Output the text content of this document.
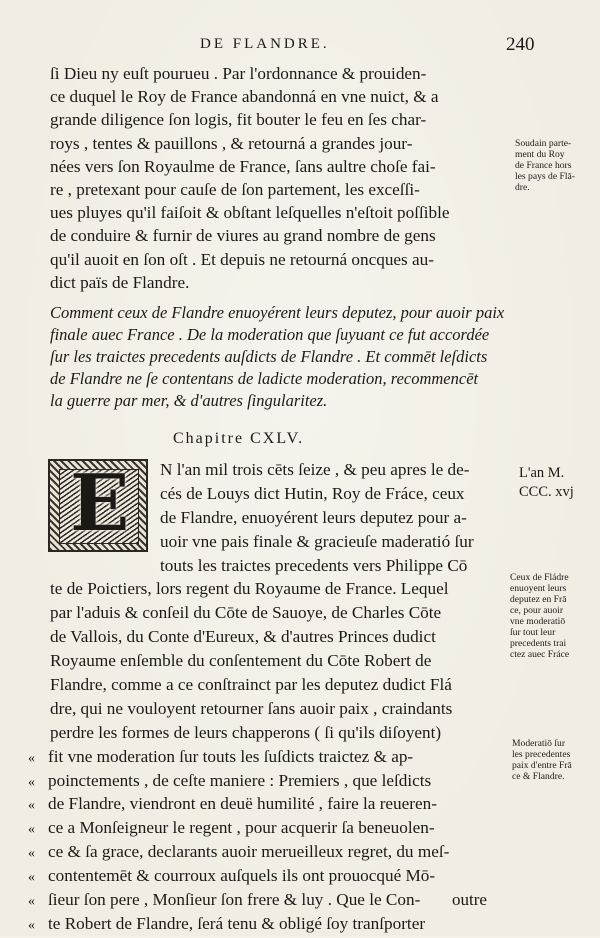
DE FLANDRE.	240
ſi Dieu ny euſt pourueu . Par l'ordonnance & prouiden-
ce duquel le Roy de France abandonná en vne nuict, & a
grande diligence ſon logis, fit bouter le feu en ſes char-
roys , tentes & pauillons , & retourná a grandes jour-
nées vers ſon Royaulme de France, ſans aultre choſe fai-
re , pretexant pour cauſe de ſon partement, les exceſſi-
ues pluyes qu'il faiſoit & obſtant leſquelles n'eſtoit poſſible
de conduire & furnir de viures au grand nombre de gens
qu'il auoit en ſon oſt . Et depuis ne retourná oncques au-
dict païs de Flandre.
Comment ceux de Flandre enuoyérent leurs deputez, pour auoir paix
finale auec France . De la moderation que ſuyuant ce fut accordée
ſur les traictes precedents auſdicts de Flandre . Et commēt leſdicts
de Flandre ne ſe contentans de ladicte moderation, recommencēt
la guerre par mer, & d'autres ſingularitez.
Chapitre CXLV.
E	N l'an mil trois cēts ſeize , & peu apres le de-
cés de Louys dict Hutin, Roy de Fráce, ceux
de Flandre, enuoyérent leurs deputez pour a-
uoir vne pais finale & gracieuſe maderatió ſur
touts les traictes precedents vers Philippe Cō
te de Poictiers, lors regent du Royaume de France. Lequel
par l'aduis & conſeil du Cōte de Sauoye, de Charles Cōte
de Vallois, du Conte d'Eureux, & d'autres Princes dudict
Royaume enſemble du conſentement du Cōte Robert de
Flandre, comme a ce conſtrainct par les deputez dudict Flá
dre, qui ne vouloyent retourner ſans auoir paix , craindants
perdre les formes de leurs chapperons ( ſi qu'ils diſoyent)
« fit vne moderation ſur touts les ſuſdicts traictez & ap-
« poinctements , de ceſte maniere : Premiers , que leſdicts
« de Flandre, viendront en deuë humilité , faire la reueren-
« ce a Monſeigneur le regent , pour acquerir ſa beneuolen-
« ce & ſa grace, declarants auoir merueilleux regret, du meſ-
« contentemēt & courroux auſquels ils ont prouocqué Mō-
« ſieur ſon pere , Monſieur ſon frere & luy . Que le Con-
« te Robert de Flandre, ſerá tenu & obligé ſoy tranſporter
outre
Soudain parte-
ment du Roy
de France hors
les pays de Flā-
dre.
L'an M.
CCC. xvj
Ceux de Fládre
enuoyent leurs
deputez en Frā
ce, pour auoir
vne moderatiō
ſur tout leur
precedents trai
ctez auec Fráce
Moderatiō ſur
les precedentes
paix d'entre Frā
ce & Flandre.
